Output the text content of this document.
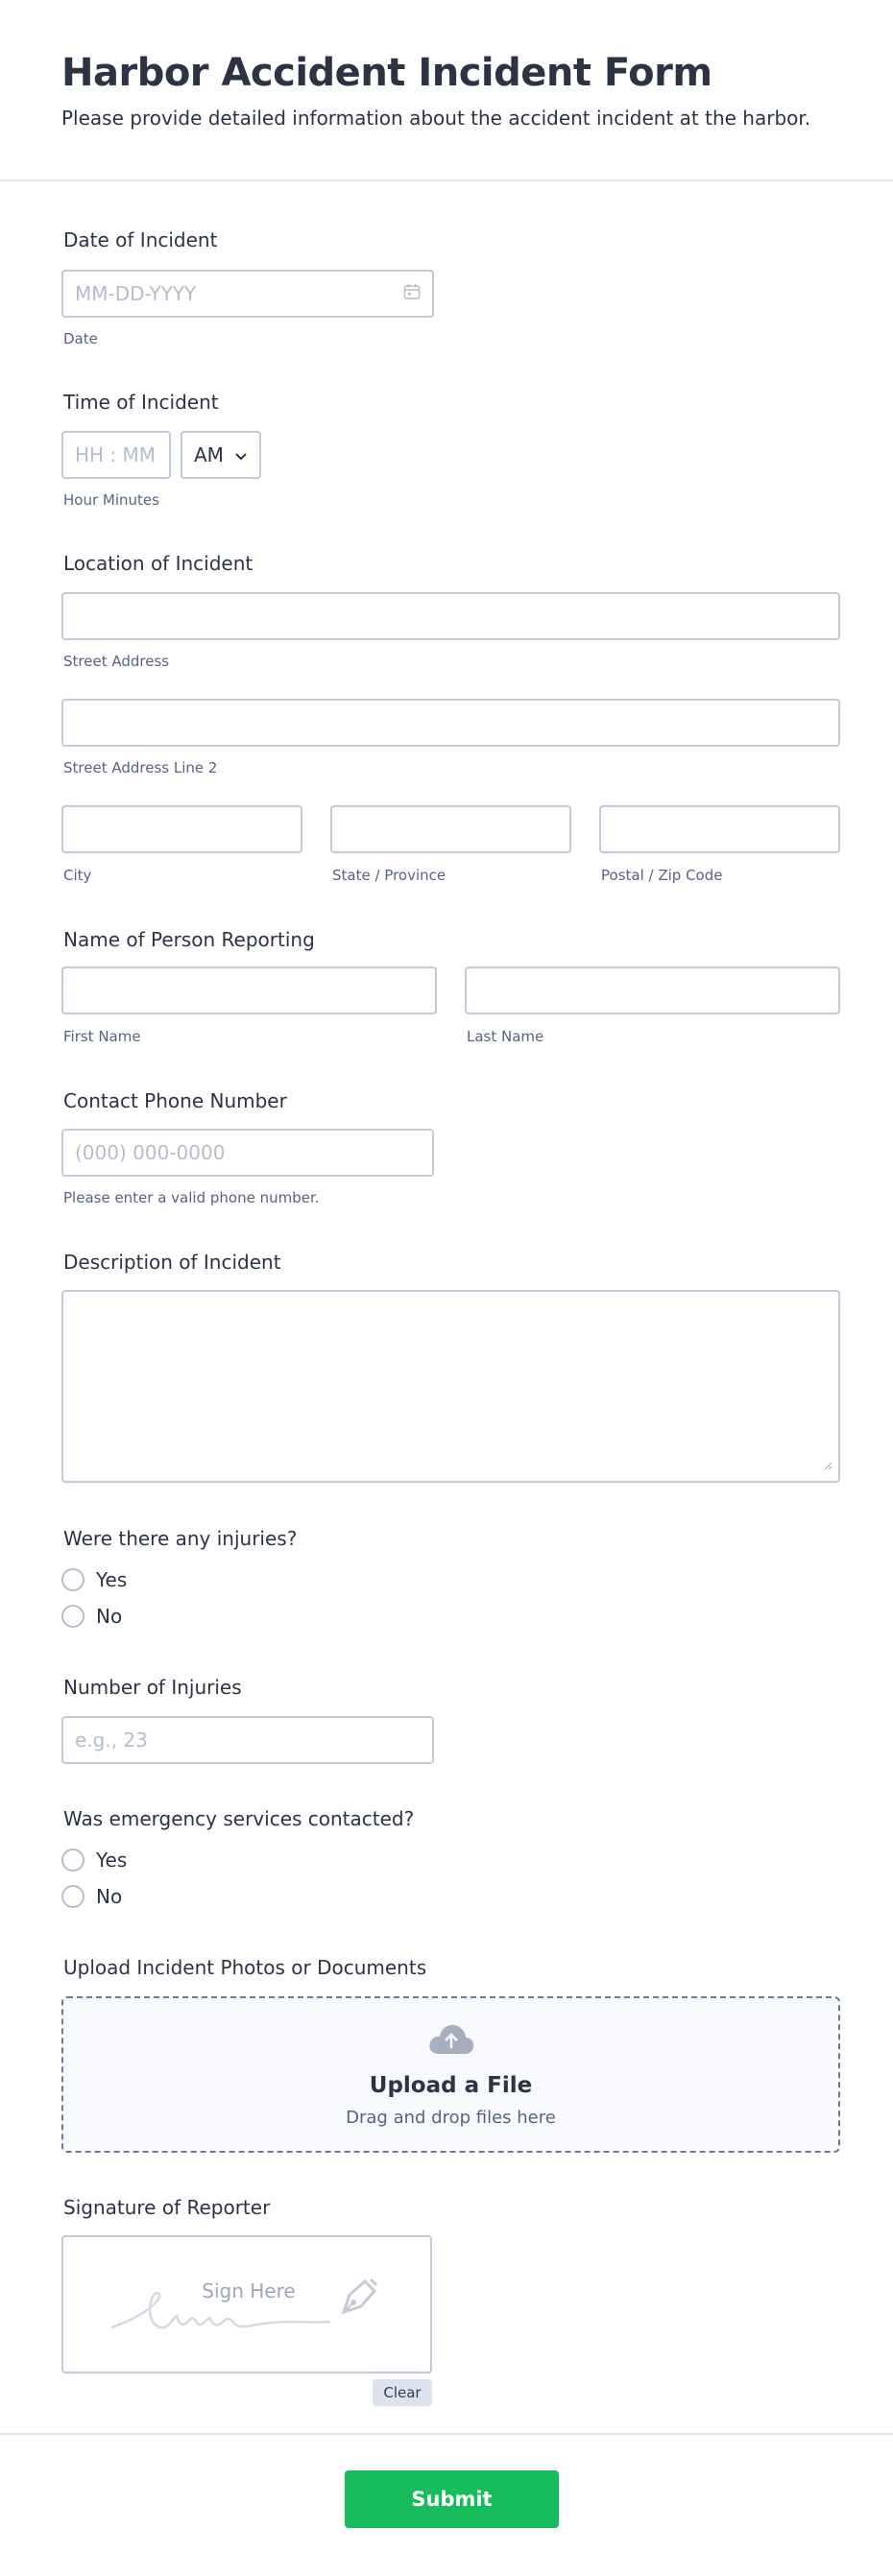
Harbor Accident Incident Form
Please provide detailed information about the accident incident at the harbor.
Date of Incident
MM-DD-YYYY
Date
Time of Incident
HH : MM AM
Hour Minutes
Location of Incident
Street Address
Street Address Line 2
City	State / Province	Postal / Zip Code
Name of Person Reporting
First Name	Last Name
Contact Phone Number
(000) 000-0000
Please enter a valid phone number.
Description of Incident
Were there any injuries?
Yes
No
Number of Injuries
e.g., 23
Was emergency services contacted?
Yes
No
Upload Incident Photos or Documents
Upload a File
Drag and drop files here
Signature of Reporter
Sign Here
Clear
Submit
